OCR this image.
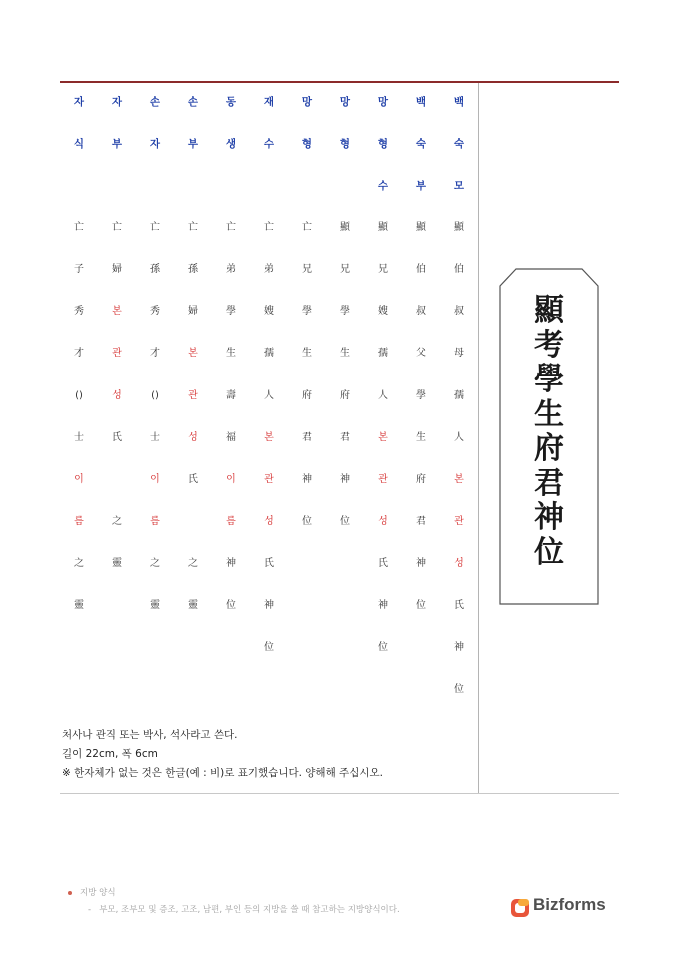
자
식
亡
子
秀
才
()
士
이
름
之
靈
자
부
亡
婦
본
관
성
氏
之
靈
손
자
亡
孫
秀
才
()
士
이
름
之
靈
손
부
亡
孫
婦
본
관
성
氏
之
靈
동
생
亡
弟
學
生
壽
福
이
름
神
位
재
수
亡
弟
嫂
孺
人
본
관
성
氏
神
位
망
형
亡
兄
學
生
府
君
神
位
망
형
顯
兄
學
生
府
君
神
位
망
형
수
顯
兄
嫂
孺
人
본
관
성
氏
神
位
백
숙
부
顯
伯
叔
父
學
生
府
君
神
位
백
숙
모
顯
伯
叔
母
孺
人
본
관
성
氏
神
位
처사나 관직 또는 박사, 석사라고 쓴다.
길이 22cm, 폭 6cm
※ 한자체가 없는 것은 한글(예 : 비)로 표기했습니다. 양해해 주십시오.
顯
考
學
生
府
君
神
位
지방 양식
-   부모, 조부모 및 증조, 고조, 남편, 부인 등의 지방을 쓸 때 참고하는 지방양식이다.	Bizforms
